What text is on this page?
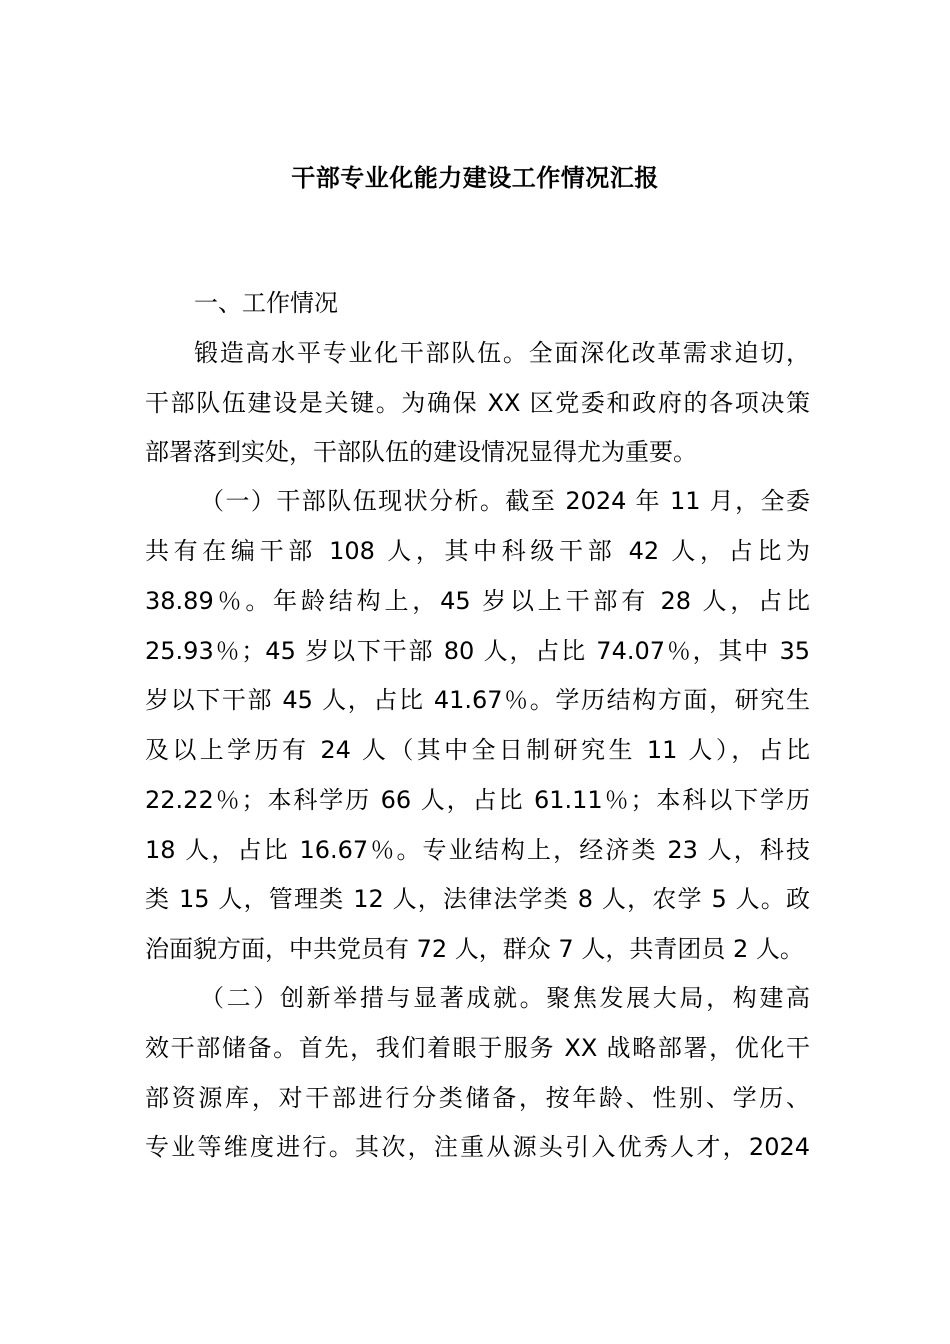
干部专业化能力建设工作情况汇报
一、工作情况
锻造高水平专业化干部队伍。全面深化改革需求迫切，
干部队伍建设是关键。为确保 XX 区党委和政府的各项决策
部署落到实处，干部队伍的建设情况显得尤为重要。
（一）干部队伍现状分析。截至 2024 年 11 月，全委
共有在编干部 108 人，其中科级干部 42 人，占比为
38.89％。年龄结构上，45 岁以上干部有 28 人，占比
25.93％；45 岁以下干部 80 人，占比 74.07％，其中 35
岁以下干部 45 人，占比 41.67％。学历结构方面，研究生
及以上学历有 24 人（其中全日制研究生 11 人），占比
22.22％；本科学历 66 人，占比 61.11％；本科以下学历
18 人，占比 16.67％。专业结构上，经济类 23 人，科技
类 15 人，管理类 12 人，法律法学类 8 人，农学 5 人。政
治面貌方面，中共党员有 72 人，群众 7 人，共青团员 2 人。
（二）创新举措与显著成就。聚焦发展大局，构建高
效干部储备。首先，我们着眼于服务 XX 战略部署，优化干
部资源库，对干部进行分类储备，按年龄、性别、学历、
专业等维度进行。其次，注重从源头引入优秀人才，2024
